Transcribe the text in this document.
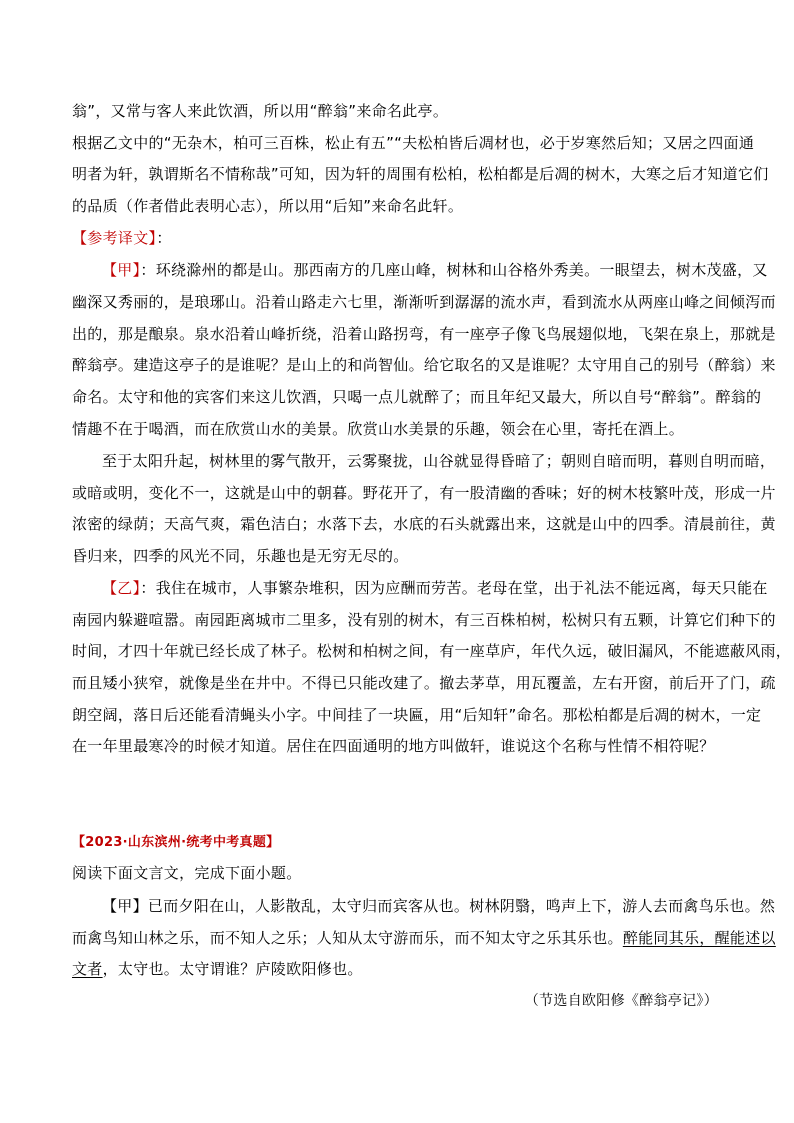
翁”，又常与客人来此饮酒，所以用“醉翁”来命名此亭。
根据乙文中的“无杂木，柏可三百株，松止有五”“夫松柏皆后凋材也，必于岁寒然后知；又居之四面通
明者为轩，孰谓斯名不情称哉”可知，因为轩的周围有松柏，松柏都是后凋的树木，大寒之后才知道它们
的品质（作者借此表明心志），所以用“后知”来命名此轩。
【参考译文】：
【甲】：环绕滁州的都是山。那西南方的几座山峰，树林和山谷格外秀美。一眼望去，树木茂盛，又
幽深又秀丽的，是琅琊山。沿着山路走六七里，渐渐听到潺潺的流水声，看到流水从两座山峰之间倾泻而
出的，那是酿泉。泉水沿着山峰折绕，沿着山路拐弯，有一座亭子像飞鸟展翅似地，飞架在泉上，那就是
醉翁亭。建造这亭子的是谁呢？是山上的和尚智仙。给它取名的又是谁呢？太守用自己的别号（醉翁）来
命名。太守和他的宾客们来这儿饮酒，只喝一点儿就醉了；而且年纪又最大，所以自号“醉翁”。醉翁的
情趣不在于喝酒，而在欣赏山水的美景。欣赏山水美景的乐趣，领会在心里，寄托在酒上。
至于太阳升起，树林里的雾气散开，云雾聚拢，山谷就显得昏暗了；朝则自暗而明，暮则自明而暗，
或暗或明，变化不一，这就是山中的朝暮。野花开了，有一股清幽的香味；好的树木枝繁叶茂，形成一片
浓密的绿荫；天高气爽，霜色洁白；水落下去，水底的石头就露出来，这就是山中的四季。清晨前往，黄
昏归来，四季的风光不同，乐趣也是无穷无尽的。
【乙】：我住在城市，人事繁杂堆积，因为应酬而劳苦。老母在堂，出于礼法不能远离，每天只能在
南园内躲避喧嚣。南园距离城市二里多，没有别的树木，有三百株柏树，松树只有五颗，计算它们种下的
时间，才四十年就已经长成了林子。松树和柏树之间，有一座草庐，年代久远，破旧漏风，不能遮蔽风雨，
而且矮小狭窄，就像是坐在井中。不得已只能改建了。撤去茅草，用瓦覆盖，左右开窗，前后开了门，疏
朗空阔，落日后还能看清蝇头小字。中间挂了一块匾，用“后知轩”命名。那松柏都是后凋的树木，一定
在一年里最寒冷的时候才知道。居住在四面通明的地方叫做轩，谁说这个名称与性情不相符呢？
【2023·山东滨州·统考中考真题】
阅读下面文言文，完成下面小题。
【甲】已而夕阳在山，人影散乱，太守归而宾客从也。树林阴翳，鸣声上下，游人去而禽鸟乐也。然
而禽鸟知山林之乐，而不知人之乐；人知从太守游而乐，而不知太守之乐其乐也。醉能同其乐，醒能述以
文者，太守也。太守谓谁？庐陵欧阳修也。
（节选自欧阳修《醉翁亭记》）
